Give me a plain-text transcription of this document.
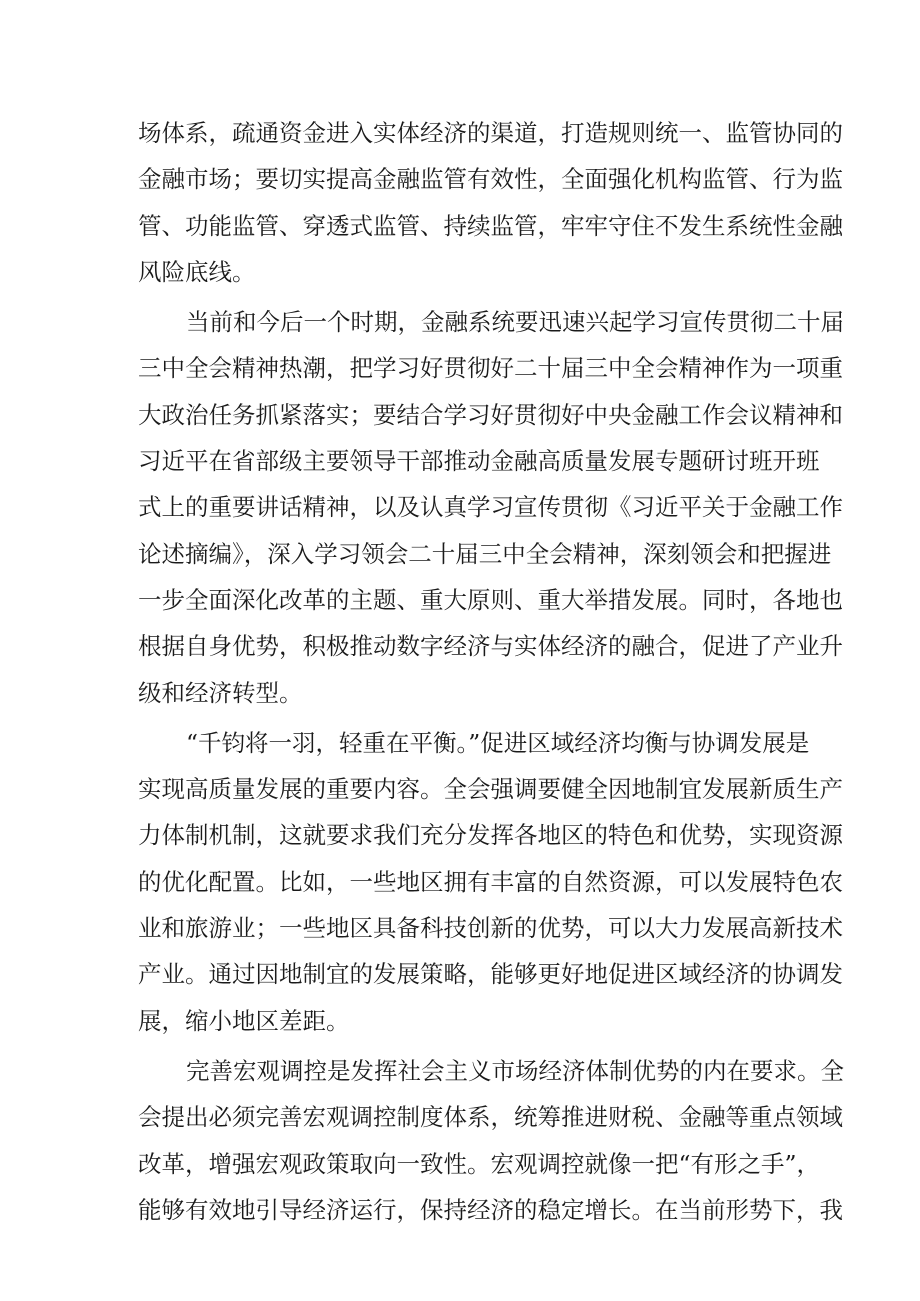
场体系，疏通资金进入实体经济的渠道，打造规则统一、监管协同的
金融市场；要切实提高金融监管有效性，全面强化机构监管、行为监
管、功能监管、穿透式监管、持续监管，牢牢守住不发生系统性金融
风险底线。
当前和今后一个时期，金融系统要迅速兴起学习宣传贯彻二十届
三中全会精神热潮，把学习好贯彻好二十届三中全会精神作为一项重
大政治任务抓紧落实；要结合学习好贯彻好中央金融工作会议精神和
习近平在省部级主要领导干部推动金融高质量发展专题研讨班开班
式上的重要讲话精神，以及认真学习宣传贯彻《习近平关于金融工作
论述摘编》，深入学习领会二十届三中全会精神，深刻领会和把握进
一步全面深化改革的主题、重大原则、重大举措发展。同时，各地也
根据自身优势，积极推动数字经济与实体经济的融合，促进了产业升
级和经济转型。
“千钧将一羽，轻重在平衡。”促进区域经济均衡与协调发展是
实现高质量发展的重要内容。全会强调要健全因地制宜发展新质生产
力体制机制，这就要求我们充分发挥各地区的特色和优势，实现资源
的优化配置。比如，一些地区拥有丰富的自然资源，可以发展特色农
业和旅游业；一些地区具备科技创新的优势，可以大力发展高新技术
产业。通过因地制宜的发展策略，能够更好地促进区域经济的协调发
展，缩小地区差距。
完善宏观调控是发挥社会主义市场经济体制优势的内在要求。全
会提出必须完善宏观调控制度体系，统筹推进财税、金融等重点领域
改革，增强宏观政策取向一致性。宏观调控就像一把“有形之手”，
能够有效地引导经济运行，保持经济的稳定增长。在当前形势下，我
